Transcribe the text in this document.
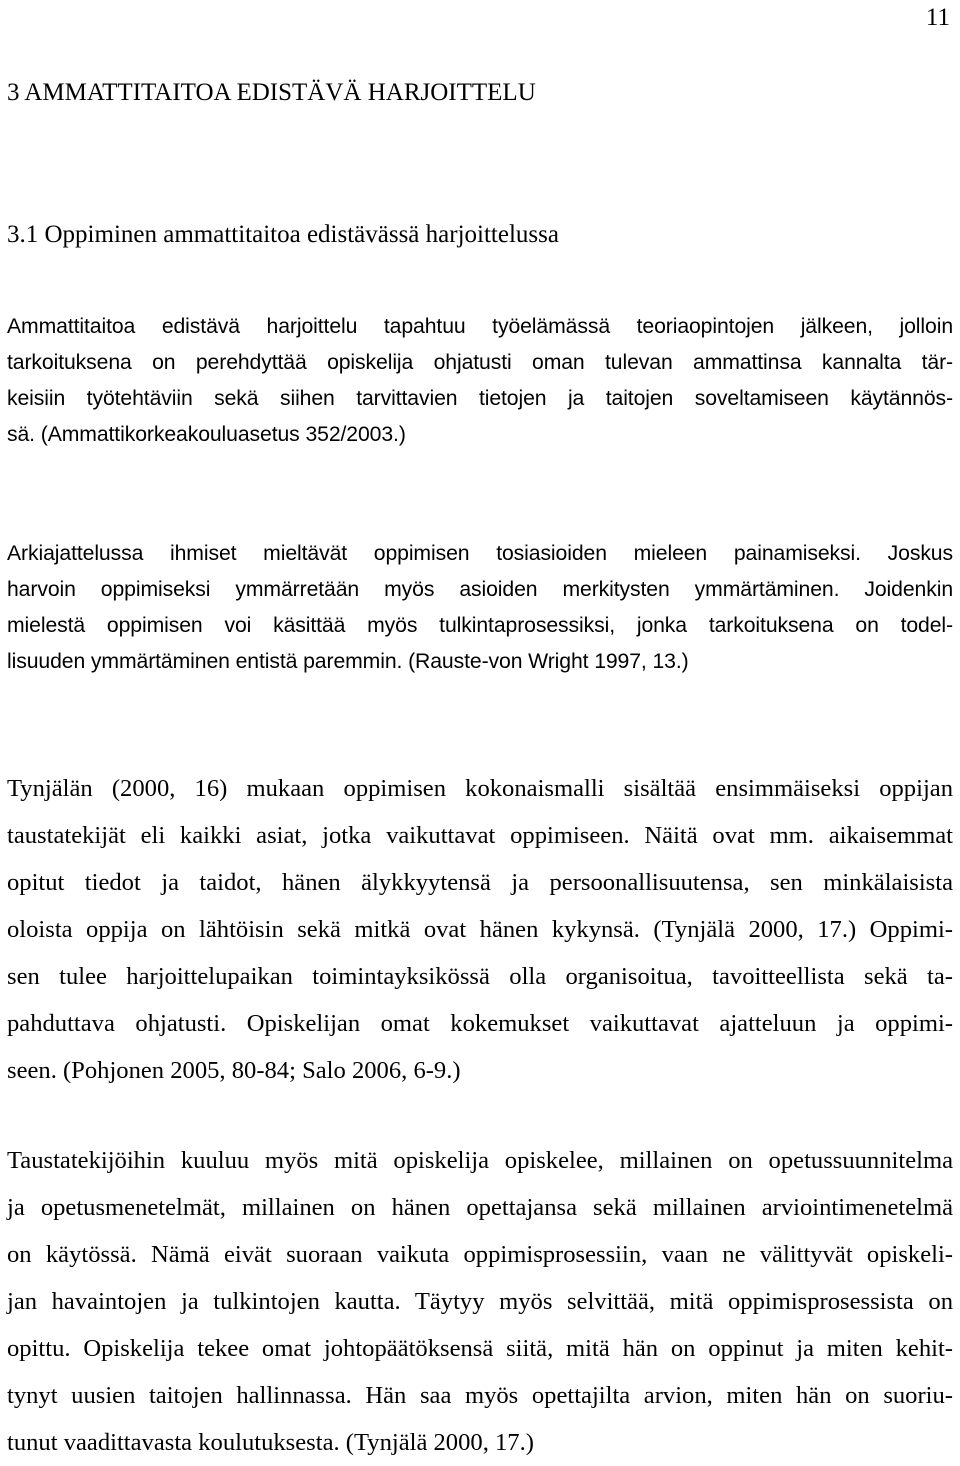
11
3 AMMATTITAITOA EDISTÄVÄ HARJOITTELU
3.1 Oppiminen ammattitaitoa edistävässä harjoittelussa

Ammattitaitoa edistävä harjoittelu tapahtuu työelämässä teoriaopintojen jälkeen, jolloin
tarkoituksena on perehdyttää opiskelija ohjatusti oman tulevan ammattinsa kannalta tär-
keisiin työtehtäviin sekä siihen tarvittavien tietojen ja taitojen soveltamiseen käytännös-
sä. (Ammattikorkeakouluasetus 352/2003.)

Arkiajattelussa ihmiset mieltävät oppimisen tosiasioiden mieleen painamiseksi. Joskus
harvoin oppimiseksi ymmärretään myös asioiden merkitysten ymmärtäminen. Joidenkin
mielestä oppimisen voi käsittää myös tulkintaprosessiksi, jonka tarkoituksena on todel-
lisuuden ymmärtäminen entistä paremmin. (Rauste-von Wright 1997, 13.)

Tynjälän (2000, 16) mukaan oppimisen kokonaismalli sisältää ensimmäiseksi oppijan
taustatekijät eli kaikki asiat, jotka vaikuttavat oppimiseen. Näitä ovat mm. aikaisemmat
opitut tiedot ja taidot, hänen älykkyytensä ja persoonallisuutensa, sen minkälaisista
oloista oppija on lähtöisin sekä mitkä ovat hänen kykynsä. (Tynjälä 2000, 17.) Oppimi-
sen tulee harjoittelupaikan toimintayksikössä olla organisoitua, tavoitteellista sekä ta-
pahduttava ohjatusti. Opiskelijan omat kokemukset vaikuttavat ajatteluun ja oppimi-
seen. (Pohjonen 2005, 80-84; Salo 2006, 6-9.)

Taustatekijöihin kuuluu myös mitä opiskelija opiskelee, millainen on opetussuunnitelma
ja opetusmenetelmät, millainen on hänen opettajansa sekä millainen arviointimenetelmä
on käytössä. Nämä eivät suoraan vaikuta oppimisprosessiin, vaan ne välittyvät opiskeli-
jan havaintojen ja tulkintojen kautta. Täytyy myös selvittää, mitä oppimisprosessista on
opittu. Opiskelija tekee omat johtopäätöksensä siitä, mitä hän on oppinut ja miten kehit-
tynyt uusien taitojen hallinnassa. Hän saa myös opettajilta arvion, miten hän on suoriu-
tunut vaadittavasta koulutuksesta. (Tynjälä 2000, 17.)
